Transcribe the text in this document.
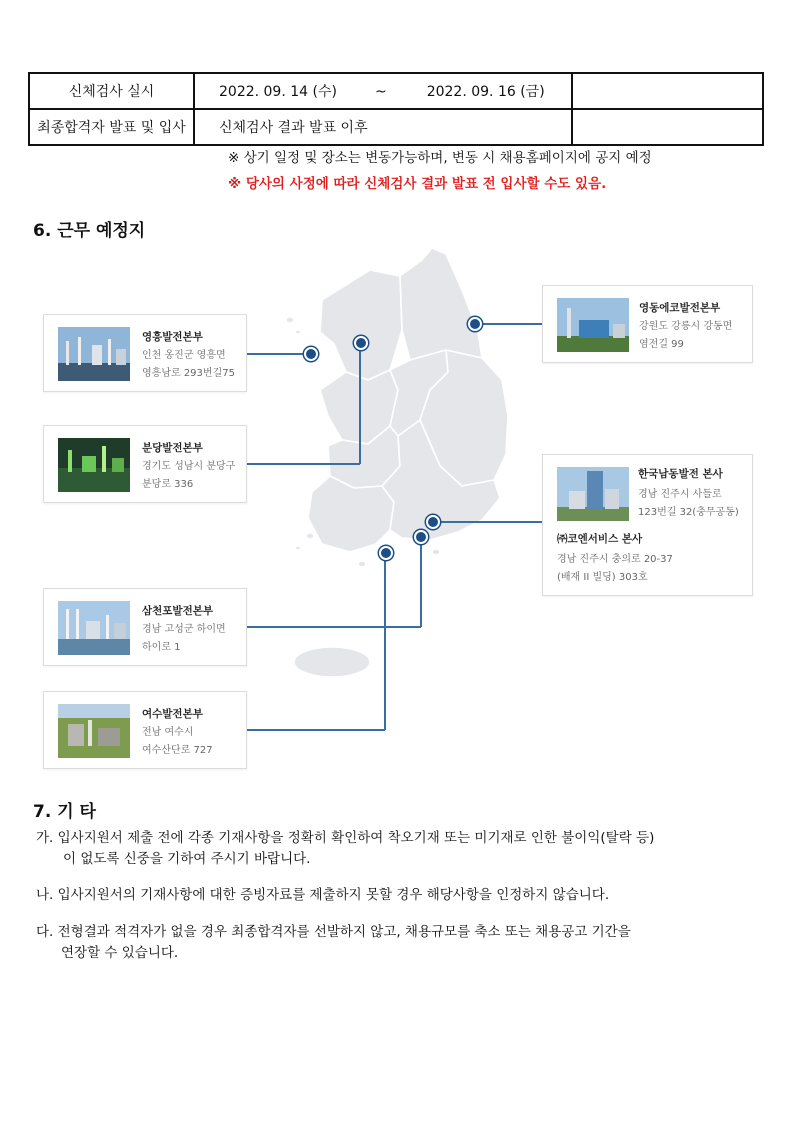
신체검사 실시	2022. 09. 14 (수) ~ 2022. 09. 16 (금)	
최종합격자 발표 및 입사	신체검사 결과 발표 이후	
※ 상기 일정 및 장소는 변동가능하며, 변동 시 채용홈페이지에 공지 예정
※ 당사의 사정에 따라 신체검사 결과 발표 전 입사할 수도 있음.
6. 근무 예정지
영흥발전본부
인천 옹진군 영흥면
영흥남로 293번길75
분당발전본부
경기도 성남시 분당구
분당로 336
삼천포발전본부
경남 고성군 하이면
하이로 1
여수발전본부
전남 여수시
여수산단로 727
영동에코발전본부
강원도 강릉시 강동면
염전길 99
한국남동발전 본사
경남 진주시 사들로
123번길 32(충무공동)
㈜코엔서비스 본사
경남 진주시 충의로 20-37
(배재 II 빌딩) 303호
7. 기 타
가. 입사지원서 제출 전에 각종 기재사항을 정확히 확인하여 착오기재 또는 미기재로 인한 불이익(탈락 등)
이 없도록 신중을 기하여 주시기 바랍니다.
나. 입사지원서의 기재사항에 대한 증빙자료를 제출하지 못할 경우 해당사항을 인정하지 않습니다.
다. 전형결과 적격자가 없을 경우 최종합격자를 선발하지 않고, 채용규모를 축소 또는 채용공고 기간을
연장할 수 있습니다.
